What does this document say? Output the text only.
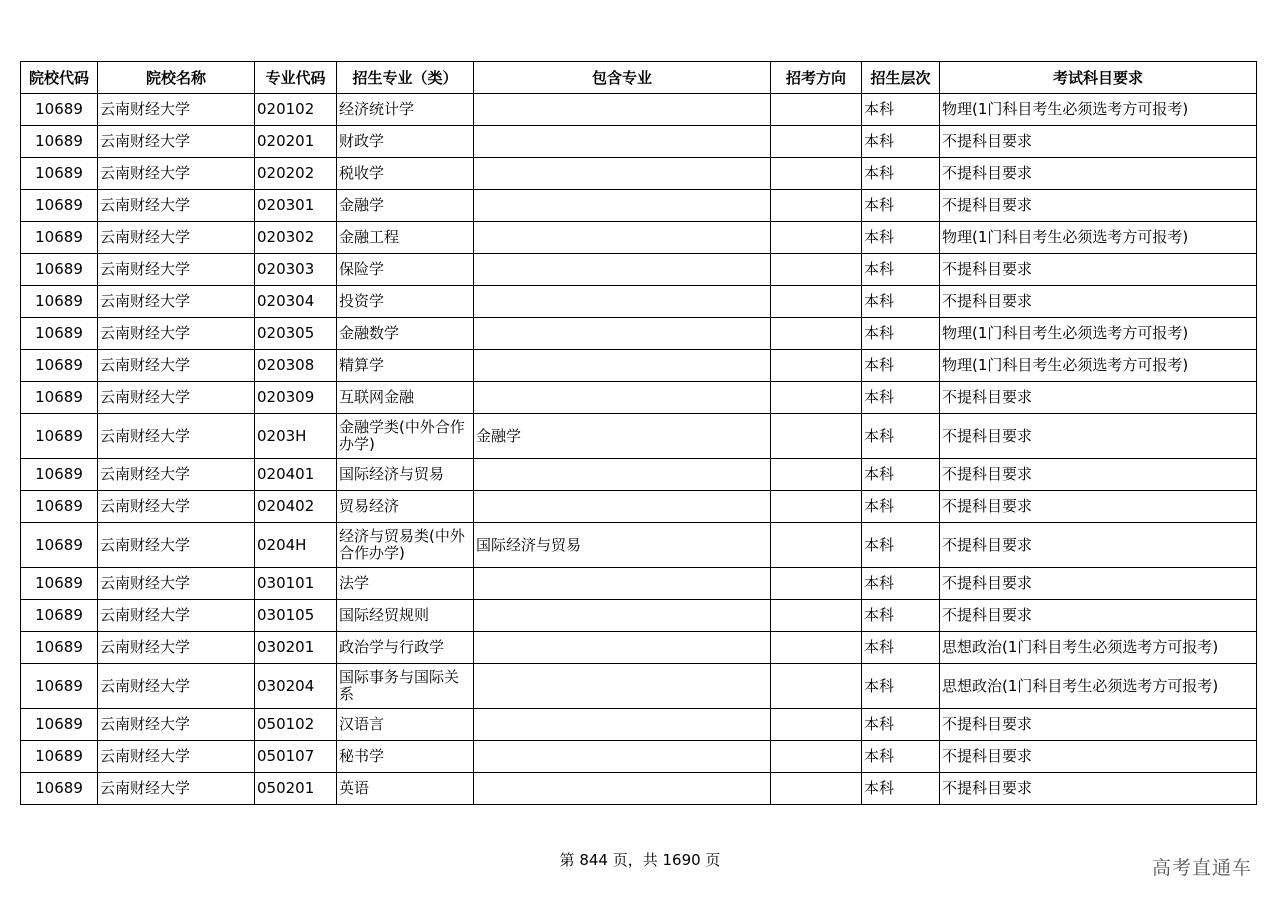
院校代码	院校名称	专业代码	招生专业（类）	包含专业	招考方向	招生层次	考试科目要求
10689	云南财经大学	020102	经济统计学			本科	物理(1门科目考生必须选考方可报考)
10689	云南财经大学	020201	财政学			本科	不提科目要求
10689	云南财经大学	020202	税收学			本科	不提科目要求
10689	云南财经大学	020301	金融学			本科	不提科目要求
10689	云南财经大学	020302	金融工程			本科	物理(1门科目考生必须选考方可报考)
10689	云南财经大学	020303	保险学			本科	不提科目要求
10689	云南财经大学	020304	投资学			本科	不提科目要求
10689	云南财经大学	020305	金融数学			本科	物理(1门科目考生必须选考方可报考)
10689	云南财经大学	020308	精算学			本科	物理(1门科目考生必须选考方可报考)
10689	云南财经大学	020309	互联网金融			本科	不提科目要求
10689	云南财经大学	0203H	金融学类(中外合作办学)	金融学		本科	不提科目要求
10689	云南财经大学	020401	国际经济与贸易			本科	不提科目要求
10689	云南财经大学	020402	贸易经济			本科	不提科目要求
10689	云南财经大学	0204H	经济与贸易类(中外合作办学)	国际经济与贸易		本科	不提科目要求
10689	云南财经大学	030101	法学			本科	不提科目要求
10689	云南财经大学	030105	国际经贸规则			本科	不提科目要求
10689	云南财经大学	030201	政治学与行政学			本科	思想政治(1门科目考生必须选考方可报考)
10689	云南财经大学	030204	国际事务与国际关系			本科	思想政治(1门科目考生必须选考方可报考)
10689	云南财经大学	050102	汉语言			本科	不提科目要求
10689	云南财经大学	050107	秘书学			本科	不提科目要求
10689	云南财经大学	050201	英语			本科	不提科目要求
第 844 页，共 1690 页	高考直通车
